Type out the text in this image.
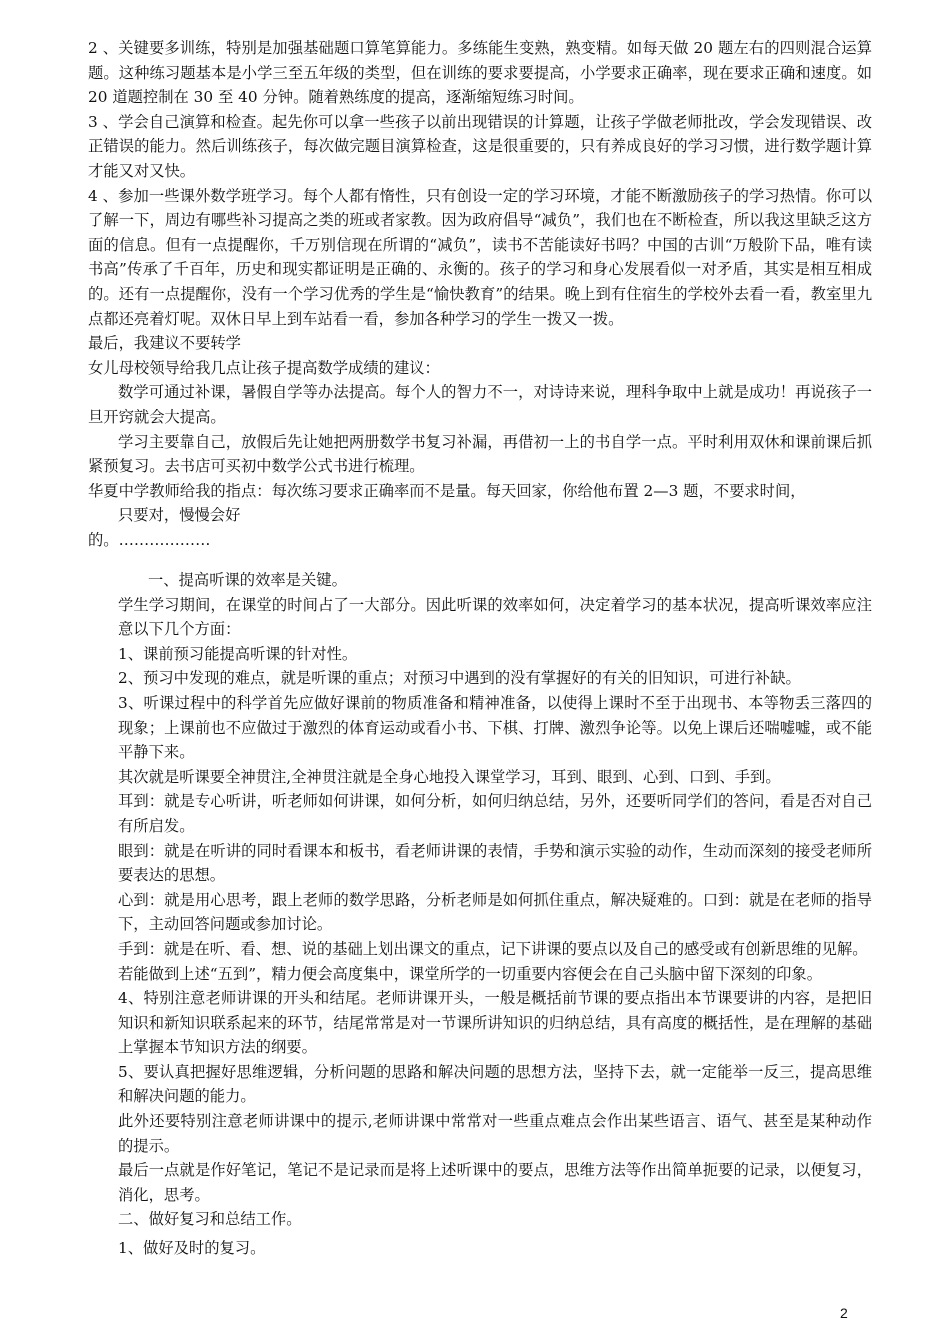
2 、关键要多训练，特别是加强基础题口算笔算能力。多练能生变熟，熟变精。如每天做 20 题左右的四则混合运算题。这种练习题基本是小学三至五年级的类型，但在训练的要求要提高，小学要求正确率，现在要求正确和速度。如 20 道题控制在 30 至 40 分钟。随着熟练度的提高，逐渐缩短练习时间。

3 、学会自己演算和检查。起先你可以拿一些孩子以前出现错误的计算题，让孩子学做老师批改，学会发现错误、改正错误的能力。然后训练孩子，每次做完题目演算检查，这是很重要的，只有养成良好的学习习惯，进行数学题计算才能又对又快。

4 、参加一些课外数学班学习。每个人都有惰性，只有创设一定的学习环境，才能不断激励孩子的学习热情。你可以了解一下，周边有哪些补习提高之类的班或者家教。因为政府倡导“减负”，我们也在不断检查，所以我这里缺乏这方面的信息。但有一点提醒你，千万别信现在所谓的“减负”，读书不苦能读好书吗？中国的古训“万般阶下品，唯有读书高”传承了千百年，历史和现实都证明是正确的、永衡的。孩子的学习和身心发展看似一对矛盾，其实是相互相成的。还有一点提醒你，没有一个学习优秀的学生是“愉快教育”的结果。晚上到有住宿生的学校外去看一看，教室里九点都还亮着灯呢。双休日早上到车站看一看，参加各种学习的学生一拨又一拨。

最后，我建议不要转学

女儿母校领导给我几点让孩子提高数学成绩的建议：

数学可通过补课，暑假自学等办法提高。每个人的智力不一，对诗诗来说，理科争取中上就是成功！再说孩子一旦开窍就会大提高。

学习主要靠自己，放假后先让她把两册数学书复习补漏，再借初一上的书自学一点。平时利用双休和课前课后抓紧预复习。去书店可买初中数学公式书进行梳理。

华夏中学教师给我的指点：每次练习要求正确率而不是量。每天回家，你给他布置 2—3 题，不要求时间，

只要对，慢慢会好

的。………………

一、提高听课的效率是关键。

学生学习期间，在课堂的时间占了一大部分。因此听课的效率如何，决定着学习的基本状况，提高听课效率应注意以下几个方面：

1、课前预习能提高听课的针对性。

2、预习中发现的难点，就是听课的重点；对预习中遇到的没有掌握好的有关的旧知识，可进行补缺。

3、听课过程中的科学首先应做好课前的物质准备和精神准备，以使得上课时不至于出现书、本等物丢三落四的现象；上课前也不应做过于激烈的体育运动或看小书、下棋、打牌、激烈争论等。以免上课后还喘嘘嘘，或不能平静下来。

其次就是听课要全神贯注,全神贯注就是全身心地投入课堂学习，耳到、眼到、心到、口到、手到。

耳到：就是专心听讲，听老师如何讲课，如何分析，如何归纳总结，另外，还要听同学们的答问，看是否对自己有所启发。

眼到：就是在听讲的同时看课本和板书，看老师讲课的表情，手势和演示实验的动作，生动而深刻的接受老师所要表达的思想。

心到：就是用心思考，跟上老师的数学思路，分析老师是如何抓住重点，解决疑难的。口到：就是在老师的指导下，主动回答问题或参加讨论。

手到：就是在听、看、想、说的基础上划出课文的重点，记下讲课的要点以及自己的感受或有创新思维的见解。

若能做到上述“五到”，精力便会高度集中，课堂所学的一切重要内容便会在自己头脑中留下深刻的印象。

4、特别注意老师讲课的开头和结尾。老师讲课开头，一般是概括前节课的要点指出本节课要讲的内容，是把旧知识和新知识联系起来的环节，结尾常常是对一节课所讲知识的归纳总结，具有高度的概括性，是在理解的基础上掌握本节知识方法的纲要。

5、要认真把握好思维逻辑，分析问题的思路和解决问题的思想方法，坚持下去，就一定能举一反三，提高思维和解决问题的能力。

此外还要特别注意老师讲课中的提示,老师讲课中常常对一些重点难点会作出某些语言、语气、甚至是某种动作的提示。

最后一点就是作好笔记，笔记不是记录而是将上述听课中的要点，思维方法等作出简单扼要的记录，以便复习，消化，思考。

二、做好复习和总结工作。

1、做好及时的复习。

2
